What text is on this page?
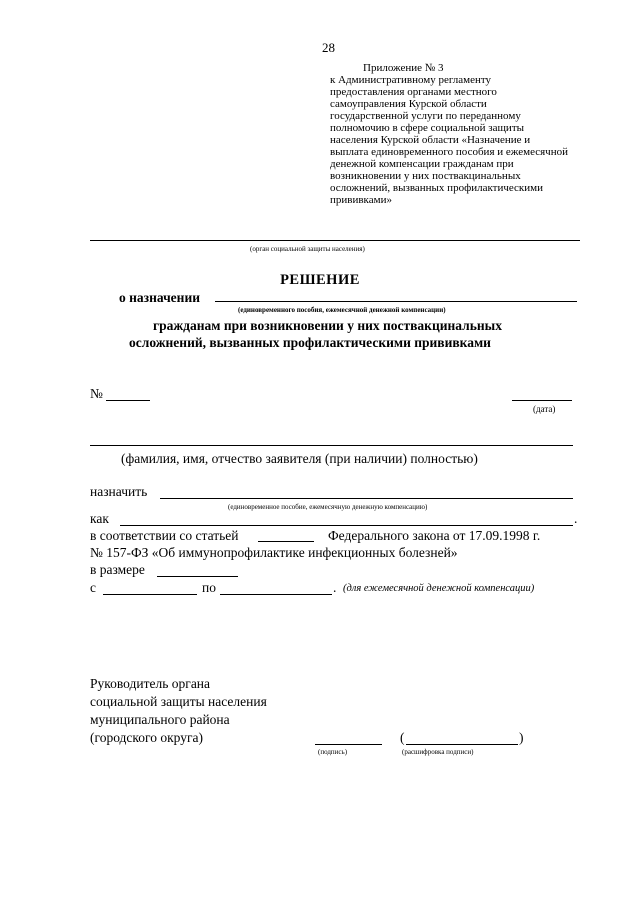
28
Приложение № 3
к Административному регламенту
предоставления органами местного
самоуправления Курской области
государственной услуги по переданному
полномочию в сфере социальной защиты
населения Курской области «Назначение и
выплата единовременного пособия и ежемесячной
денежной компенсации гражданам при
возникновении у них поствакцинальных
осложнений, вызванных профилактическими
прививками»
(орган социальной защиты населения)
РЕШЕНИЕ
о назначении
(единовременного пособия, ежемесячной денежной компенсации)
гражданам при возникновении у них поствакцинальных
осложнений, вызванных профилактическими прививками
№
(дата)
(фамилия, имя, отчество заявителя (при наличии) полностью)
назначить
(единовременное пособие, ежемесячную денежную компенсацию)
как	.
в соответствии со статьей	Федерального закона от 17.09.1998 г.
№ 157-ФЗ «Об иммунопрофилактике инфекционных болезней»
в размере
с	по	. (для ежемесячной денежной компенсации)
Руководитель органа
социальной защиты населения
муниципального района
(городского округа)
(подпись)
(	)
(расшифровка подписи)
